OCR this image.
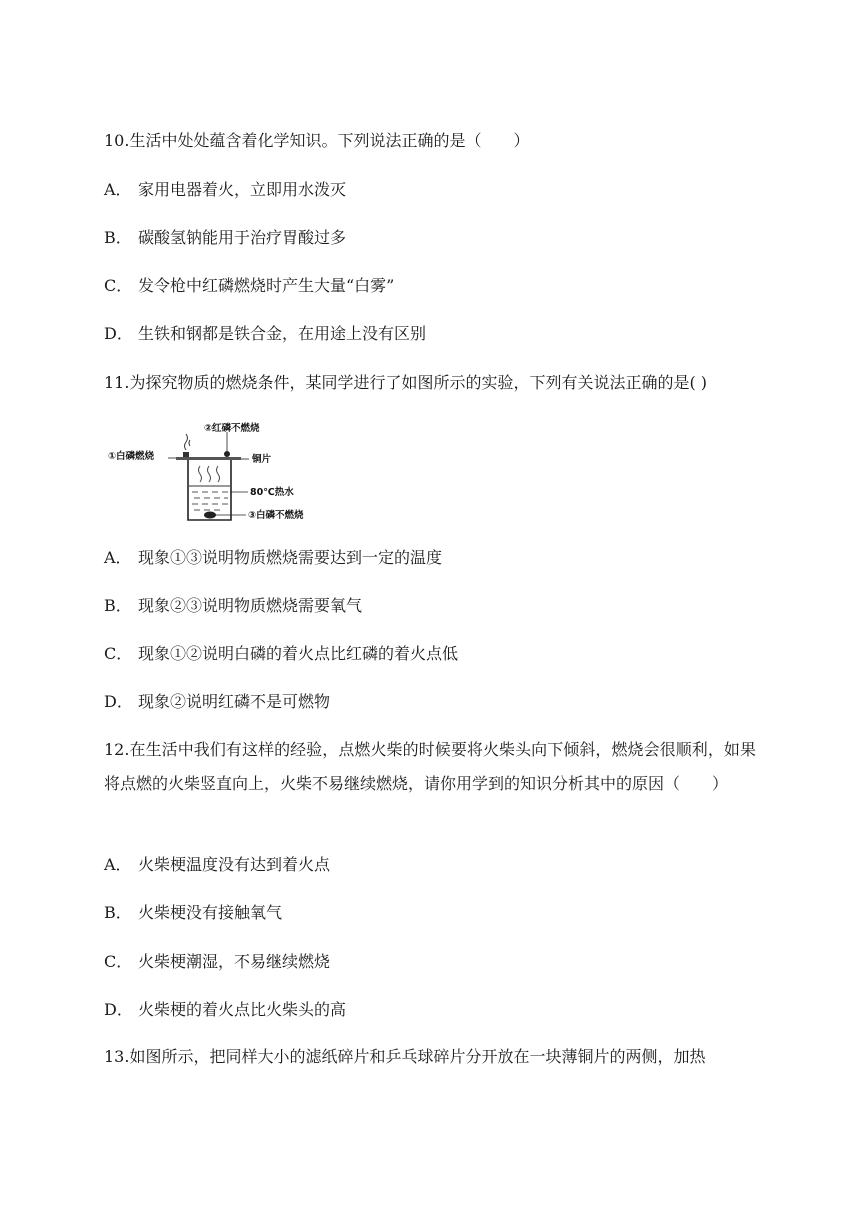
10.生活中处处蕴含着化学知识。下列说法正确的是（　　）
A． 家用电器着火，立即用水泼灭
B． 碳酸氢钠能用于治疗胃酸过多
C． 发令枪中红磷燃烧时产生大量“白雾”
D． 生铁和钢都是铁合金，在用途上没有区别
11.为探究物质的燃烧条件，某同学进行了如图所示的实验，下列有关说法正确的是( )
②红磷不燃烧
①白磷燃烧	铜片
80℃热水
③白磷不燃烧
A． 现象①③说明物质燃烧需要达到一定的温度
B． 现象②③说明物质燃烧需要氧气
C． 现象①②说明白磷的着火点比红磷的着火点低
D． 现象②说明红磷不是可燃物
12.在生活中我们有这样的经验，点燃火柴的时候要将火柴头向下倾斜，燃烧会很顺利，如果将点燃的火柴竖直向上，火柴不易继续燃烧，请你用学到的知识分析其中的原因（　　）
A． 火柴梗温度没有达到着火点
B． 火柴梗没有接触氧气
C． 火柴梗潮湿，不易继续燃烧
D． 火柴梗的着火点比火柴头的高
13.如图所示，把同样大小的滤纸碎片和乒乓球碎片分开放在一块薄铜片的两侧，加热
